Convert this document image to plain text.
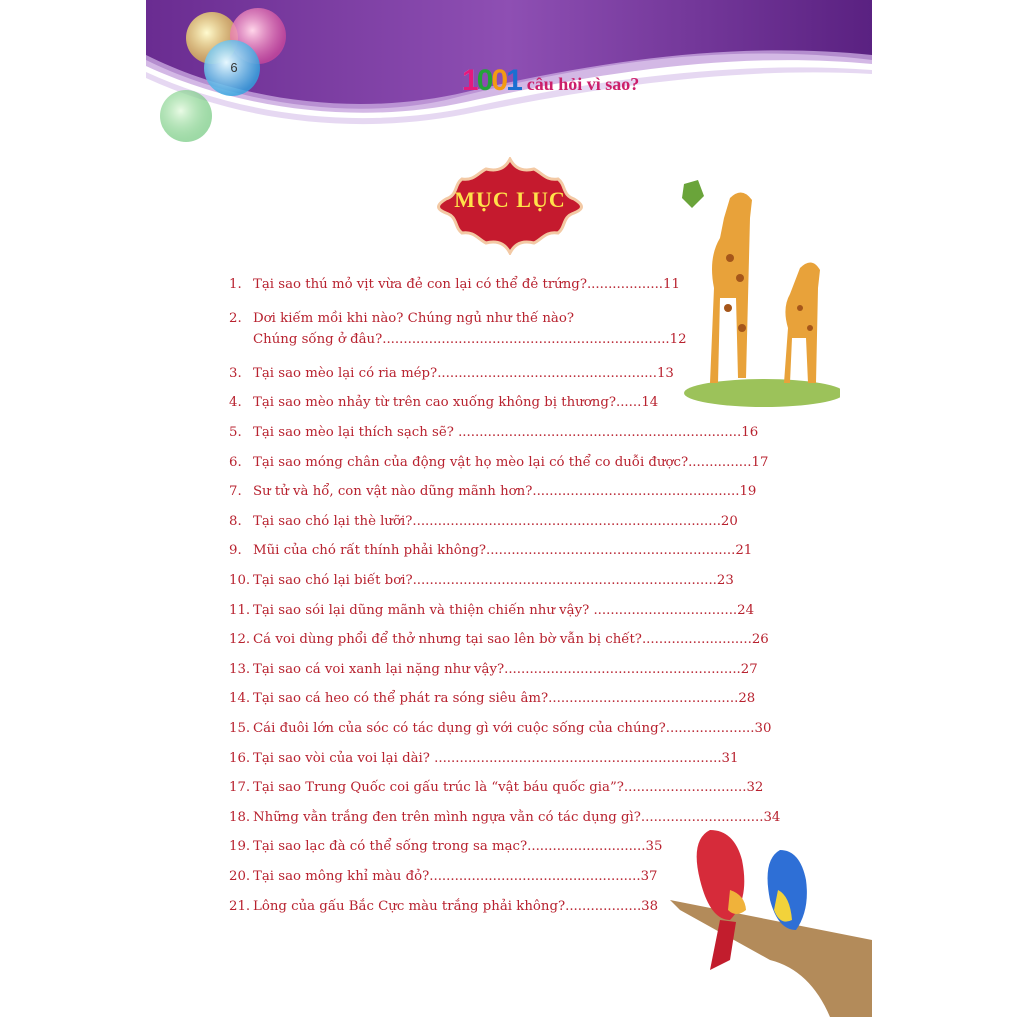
6	1001 câu hỏi vì sao?
MỤC LỤC
1. Tại sao thú mỏ vịt vừa đẻ con lại có thể đẻ trứng?..................11
2. Dơi kiếm mồi khi nào? Chúng ngủ như thế nào?
Chúng sống ở đâu?....................................................................12
3. Tại sao mèo lại có ria mép?....................................................13
4. Tại sao mèo nhảy từ trên cao xuống không bị thương?......14
5. Tại sao mèo lại thích sạch sẽ? ...................................................................16
6. Tại sao móng chân của động vật họ mèo lại có thể co duỗi được?...............17
7. Sư tử và hổ, con vật nào dũng mãnh hơn?.................................................19
8. Tại sao chó lại thè lưỡi?.........................................................................20
9. Mũi của chó rất thính phải không?...........................................................21
10. Tại sao chó lại biết bơi?........................................................................23
11. Tại sao sói lại dũng mãnh và thiện chiến như vậy? ..................................24
12. Cá voi dùng phổi để thở nhưng tại sao lên bờ vẫn bị chết?..........................26
13. Tại sao cá voi xanh lại nặng như vậy?........................................................27
14. Tại sao cá heo có thể phát ra sóng siêu âm?.............................................28
15. Cái đuôi lớn của sóc có tác dụng gì với cuộc sống của chúng?.....................30
16. Tại sao vòi của voi lại dài? ....................................................................31
17. Tại sao Trung Quốc coi gấu trúc là “vật báu quốc gia”?.............................32
18. Những vằn trắng đen trên mình ngựa vằn có tác dụng gì?.............................34
19. Tại sao lạc đà có thể sống trong sa mạc?............................35
20. Tại sao mông khỉ màu đỏ?..................................................37
21. Lông của gấu Bắc Cực màu trắng phải không?..................38
